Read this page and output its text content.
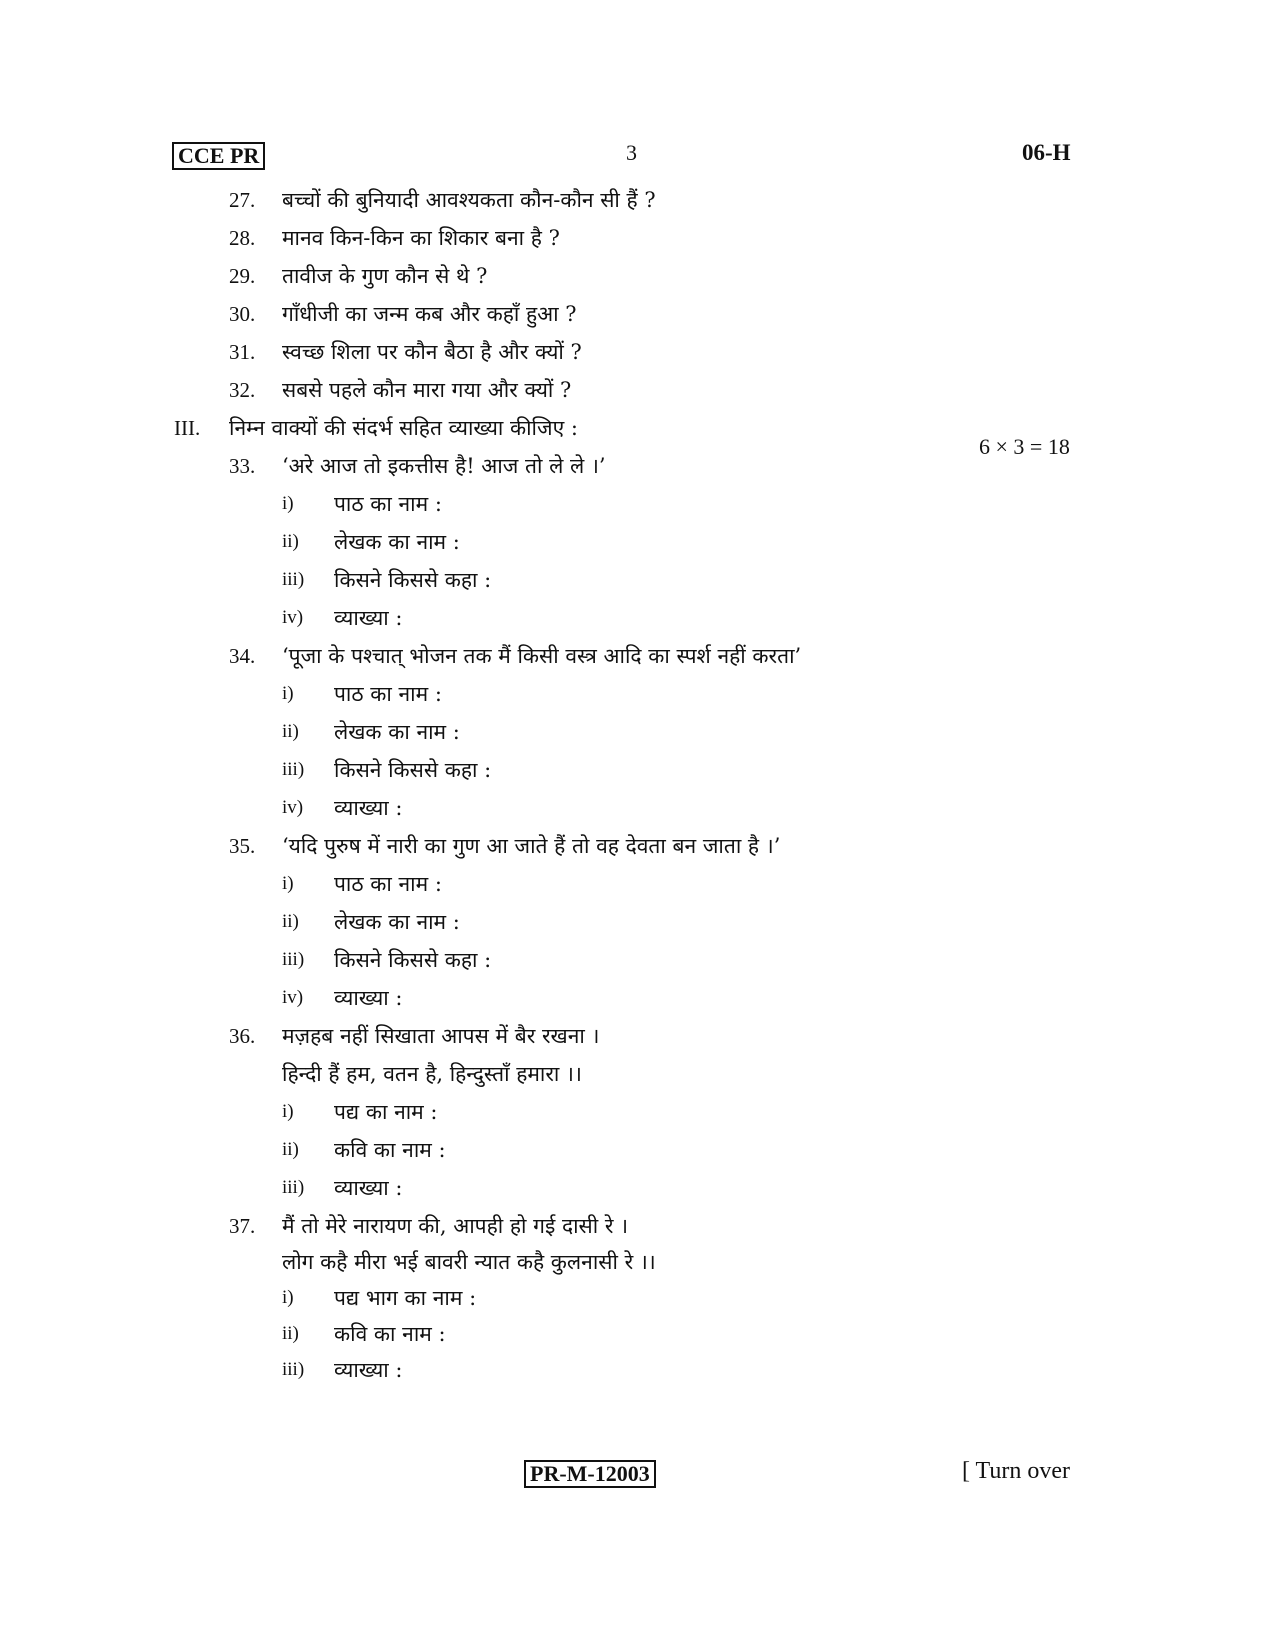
CCE PR	3	06-H
27.	बच्चों की बुनियादी आवश्यकता कौन-कौन सी हैं ?
28.	मानव किन-किन का शिकार बना है ?
29.	तावीज के गुण कौन से थे ?
30.	गाँधीजी का जन्म कब और कहाँ हुआ ?
31.	स्वच्छ शिला पर कौन बैठा है और क्यों ?
32.	सबसे पहले कौन मारा गया और क्यों ?
III.	निम्न वाक्यों की संदर्भ सहित व्याख्या कीजिए :
6 × 3 = 18
33.	‘अरे आज तो इकत्तीस है! आज तो ले ले ।’
i)	पाठ का नाम :
ii)	लेखक का नाम :
iii)	किसने किससे कहा :
iv)	व्याख्या :
34.	‘पूजा के पश्चात् भोजन तक मैं किसी वस्त्र आदि का स्पर्श नहीं करता’
i)	पाठ का नाम :
ii)	लेखक का नाम :
iii)	किसने किससे कहा :
iv)	व्याख्या :
35.	‘यदि पुरुष में नारी का गुण आ जाते हैं तो वह देवता बन जाता है ।’
i)	पाठ का नाम :
ii)	लेखक का नाम :
iii)	किसने किससे कहा :
iv)	व्याख्या :
36.	मज़हब नहीं सिखाता आपस में बैर रखना ।
हिन्दी हैं हम, वतन है, हिन्दुस्ताँ हमारा ।।
i)	पद्य का नाम :
ii)	कवि का नाम :
iii)	व्याख्या :
37.	मैं तो मेरे नारायण की, आपही हो गई दासी रे ।
लोग कहै मीरा भई बावरी न्यात कहै कुलनासी रे ।।
i)	पद्य भाग का नाम :
ii)	कवि का नाम :
iii)	व्याख्या :
PR-M-12003	[ Turn over
